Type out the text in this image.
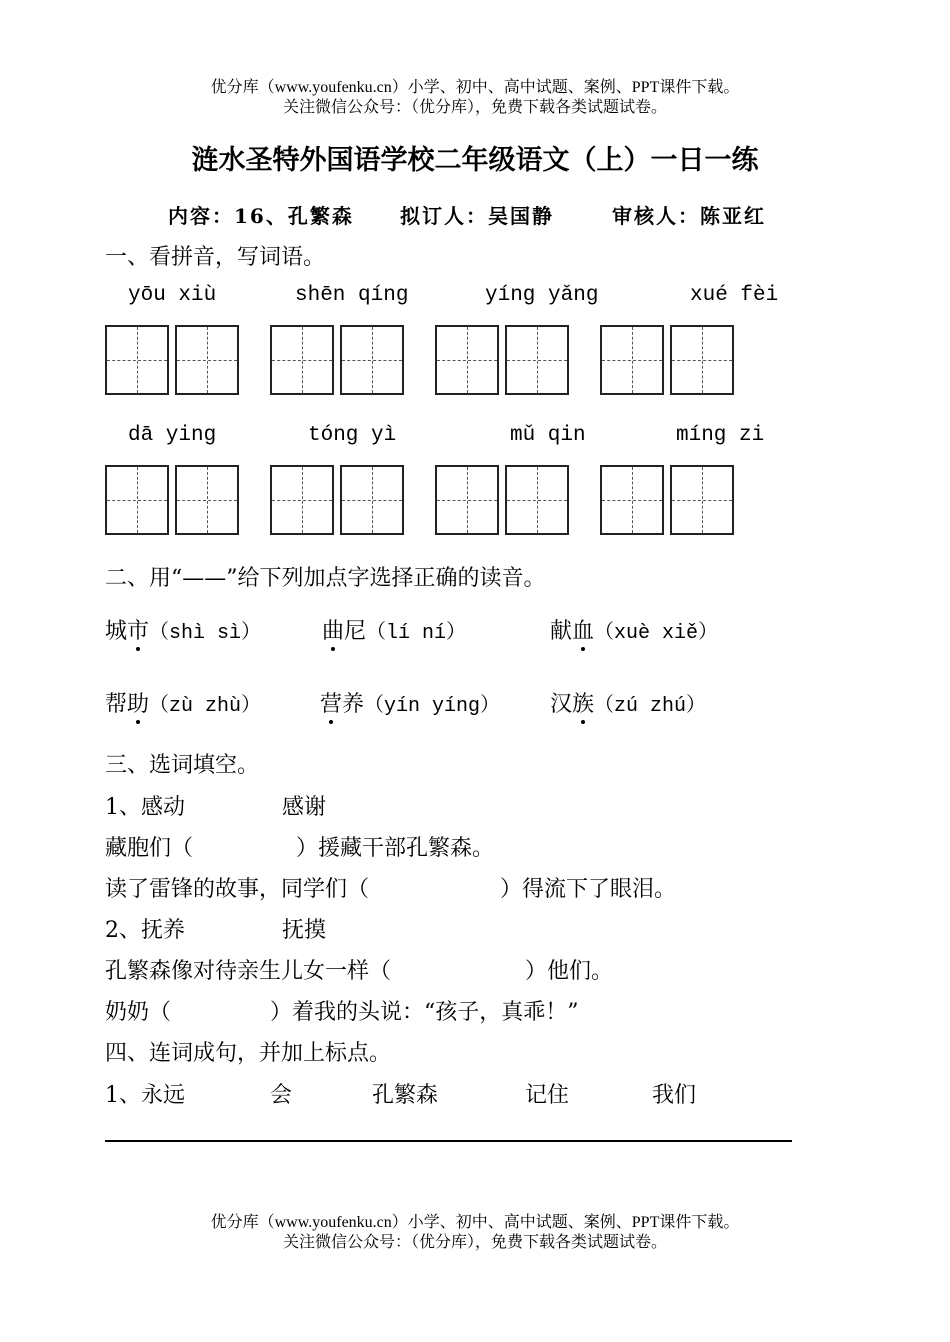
优分库（www.youfenku.cn）小学、初中、高中试题、案例、PPT课件下载。
关注微信公众号：（优分库），免费下载各类试题试卷。
涟水圣特外国语学校二年级语文（上）一日一练
内容：16、孔繁森 拟订人：吴国静	审核人：陈亚红
一、看拼音，写词语。
yōu xiù	shēn qíng	yíng yǎng	xué fèi
dā ying	tóng yì	mǔ qin	míng zi
二、用“——”给下列加点字选择正确的读音。
城市（shì sì）	曲尼（lí ní）	献血（xuè xiě）
帮助（zù zhù）	营养（yín yíng） 汉族（zú zhú）
三、选词填空。
1、感动	感谢
藏胞们（	）援藏干部孔繁森。
读了雷锋的故事，同学们（	）得流下了眼泪。
2、抚养	抚摸
孔繁森像对待亲生儿女一样（	）他们。
奶奶（	）着我的头说：“孩子，真乖！”
四、连词成句，并加上标点。
1、永远	会	孔繁森	记住	我们
优分库（www.youfenku.cn）小学、初中、高中试题、案例、PPT课件下载。
关注微信公众号：（优分库），免费下载各类试题试卷。
